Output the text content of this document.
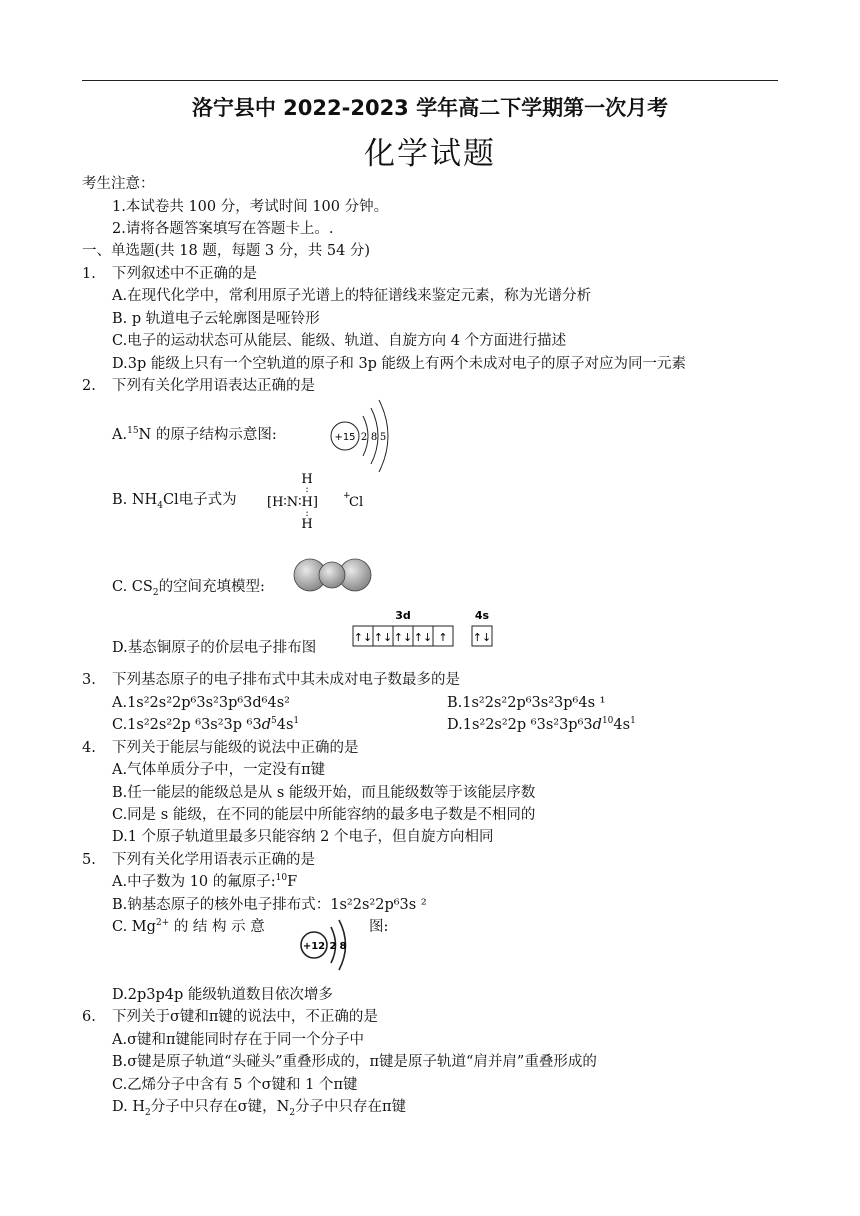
洛宁县中 2022-2023 学年高二下学期第一次月考
化学试题
考生注意：
1.本试卷共 100 分，考试时间 100 分钟。
2.请将各题答案填写在答题卡上。.
一、单选题(共 18 题，每题 3 分，共 54 分)
1. 下列叙述中不正确的是
A.在现代化学中，常利用原子光谱上的特征谱线来鉴定元素，称为光谱分析
B. p 轨道电子云轮廓图是哑铃形
C.电子的运动状态可从能层、能级、轨道、自旋方向 4 个方面进行描述
D.3p 能级上只有一个空轨道的原子和 3p 能级上有两个未成对电子的原子对应为同一元素
2. 下列有关化学用语表达正确的是
A.$^{15}$N 的原子结构示意图:	+15 2 8 5
B. $NH_4Cl$电子式为
H
:
[H∶N∶H]	+
Cl
:
H
C. $CS_2$的空间充填模型:
D.基态铜原子的价层电子排布图
3d	4s
↑↓ ↑↓ ↑↓ ↑↓ ↑ ↑↓
3. 下列基态原子的电子排布式中其未成对电子数最多的是
A.1s²2s²2p⁶3s²3p⁶3d⁶4s²	B.1s²2s²2p⁶3s²3p⁶4s ¹
C.1s²2s²2p ⁶3s²3p $^63d^54s^1$	D.1s²2s²2p $^63s^23p^63d^{10}4s^1$
4. 下列关于能层与能级的说法中正确的是
A.气体单质分子中，一定没有π键
B.任一能层的能级总是从 s 能级开始，而且能级数等于该能层序数
C.同是 s 能级，在不同的能层中所能容纳的最多电子数是不相同的
D.1 个原子轨道里最多只能容纳 2 个电子，但自旋方向相同
5. 下列有关化学用语表示正确的是
A.中子数为 10 的氟原子:$^{10}$F
B.钠基态原子的核外电子排布式：1s²2s²2p⁶3s ²
C. $Mg^{2+}$ 的 结 构 示 意
+12 2 8
图:
D.2p3p4p 能级轨道数目依次增多
6. 下列关于σ键和π键的说法中，不正确的是
A.σ键和π键能同时存在于同一个分子中
B.σ键是原子轨道“头碰头”重叠形成的，π键是原子轨道“肩并肩”重叠形成的
C.乙烯分子中含有 5 个σ键和 1 个π键
D. $H_2$分子中只存在σ键，$N_2$分子中只存在π键
